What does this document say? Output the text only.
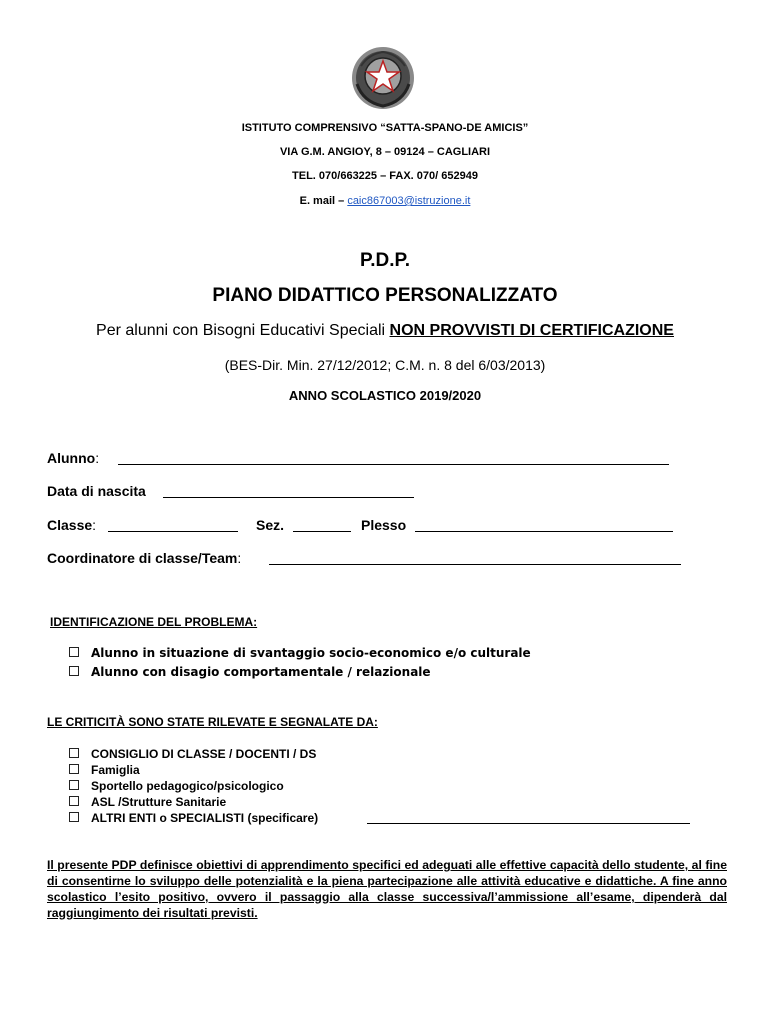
ISTITUTO COMPRENSIVO “SATTA-SPANO-DE AMICIS”
VIA G.M. ANGIOY, 8 – 09124 – CAGLIARI
TEL. 070/663225 – FAX. 070/ 652949
E. mail – caic867003@istruzione.it
P.D.P.
PIANO DIDATTICO PERSONALIZZATO
Per alunni con Bisogni Educativi Speciali NON PROVVISTI DI CERTIFICAZIONE
(BES-Dir. Min. 27/12/2012; C.M. n. 8 del 6/03/2013)
ANNO SCOLASTICO 2019/2020
Alunno:
Data di nascita
Classe:	Sez.	Plesso
Coordinatore di classe/Team:
IDENTIFICAZIONE DEL PROBLEMA:
Alunno in situazione di svantaggio socio-economico e/o culturale
Alunno con disagio comportamentale / relazionale
LE CRITICITÀ SONO STATE RILEVATE E SEGNALATE DA:
CONSIGLIO DI CLASSE / DOCENTI / DS
Famiglia
Sportello pedagogico/psicologico
ASL /Strutture Sanitarie
ALTRI ENTI o SPECIALISTI (specificare)
Il presente PDP definisce obiettivi di apprendimento specifici ed adeguati alle effettive capacità dello studente, al fine di consentirne lo sviluppo delle potenzialità e la piena partecipazione alle attività educative e didattiche. A fine anno scolastico l’esito positivo, ovvero il passaggio alla classe successiva/l’ammissione all’esame, dipenderà dal raggiungimento dei risultati previsti.
